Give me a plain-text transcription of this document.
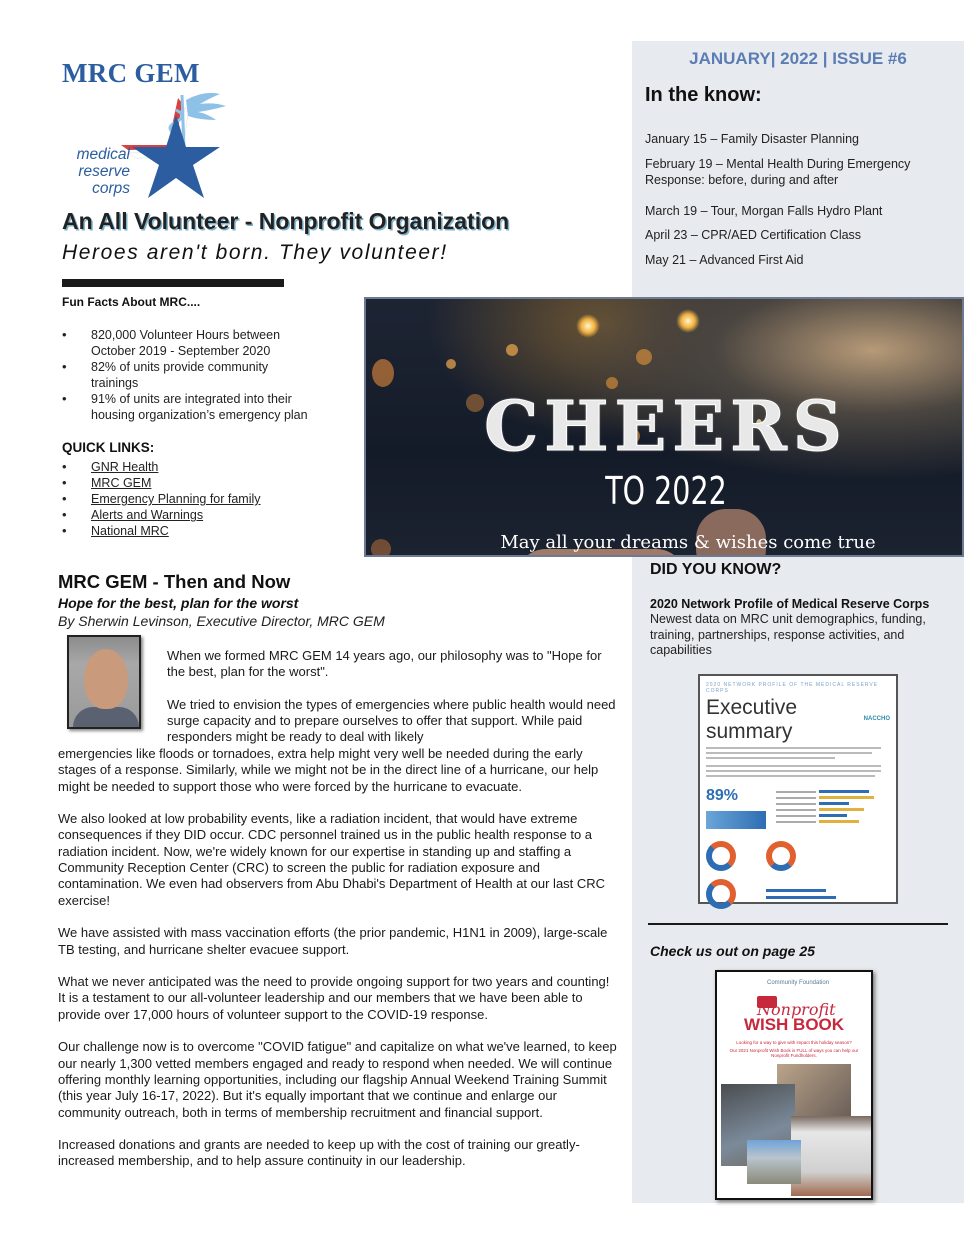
JANUARY| 2022 | ISSUE #6
In the know:
January 15 – Family Disaster Planning
February 19 – Mental Health During Emergency Response: before, during and after
March 19 – Tour, Morgan Falls Hydro Plant
April 23 – CPR/AED Certification Class
May 21 – Advanced First Aid
MRC GEM
medical
reserve
corps
An All Volunteer - Nonprofit Organization
Heroes aren't born. They volunteer!
Fun Facts About MRC....
• 820,000 Volunteer Hours between October 2019 - September 2020
• 82% of units provide community trainings
• 91% of units are integrated into their housing organization’s emergency plan
QUICK LINKS:
• GNR Health
• MRC GEM
• Emergency Planning for family
• Alerts and Warnings
• National MRC
CHEERS
TO 2022
May all your dreams & wishes come true
MRC GEM - Then and Now
Hope for the best, plan for the worst
By Sherwin Levinson, Executive Director, MRC GEM

When we formed MRC GEM 14 years ago, our philosophy was to "Hope for the best, plan for the worst".

We tried to envision the types of emergencies where public health would need surge capacity and to prepare ourselves to offer that support. While paid responders might be ready to deal with likely

emergencies like floods or tornadoes, extra help might very well be needed during the early stages of a response. Similarly, while we might not be in the direct line of a hurricane, our help might be needed to support those who were forced by the hurricane to evacuate.

We also looked at low probability events, like a radiation incident, that would have extreme consequences if they DID occur. CDC personnel trained us in the public health response to a radiation incident. Now, we're widely known for our expertise in standing up and staffing a Community Reception Center (CRC) to screen the public for radiation exposure and contamination. We even had observers from Abu Dhabi's Department of Health at our last CRC exercise!

We have assisted with mass vaccination efforts (the prior pandemic, H1N1 in 2009), large-scale TB testing, and hurricane shelter evacuee support.

What we never anticipated was the need to provide ongoing support for two years and counting! It is a testament to our all-volunteer leadership and our members that we have been able to provide over 17,000 hours of volunteer support to the COVID-19 response.

Our challenge now is to overcome "COVID fatigue" and capitalize on what we've learned, to keep our nearly 1,300 vetted members engaged and ready to respond when needed. We will continue offering monthly learning opportunities, including our flagship Annual Weekend Training Summit (this year July 16-17, 2022). But it's equally important that we continue and enlarge our community outreach, both in terms of membership recruitment and financial support.

Increased donations and grants are needed to keep up with the cost of training our greatly-increased membership, and to help assure continuity in our leadership.

DID YOU KNOW?
2020 Network Profile of Medical Reserve Corps
Newest data on MRC unit demographics, funding, training, partnerships, response activities, and capabilities
2020 NETWORK PROFILE OF THE MEDICAL RESERVE CORPS
Executive summary
NACCHO
89%
Check us out on page 25
Community Foundation
Nonprofit
WISH BOOK
Looking for a way to give with impact this holiday season?
Our 2021 Nonprofit Wish Book is FULL of ways you can help our Nonprofit Fundholders.
